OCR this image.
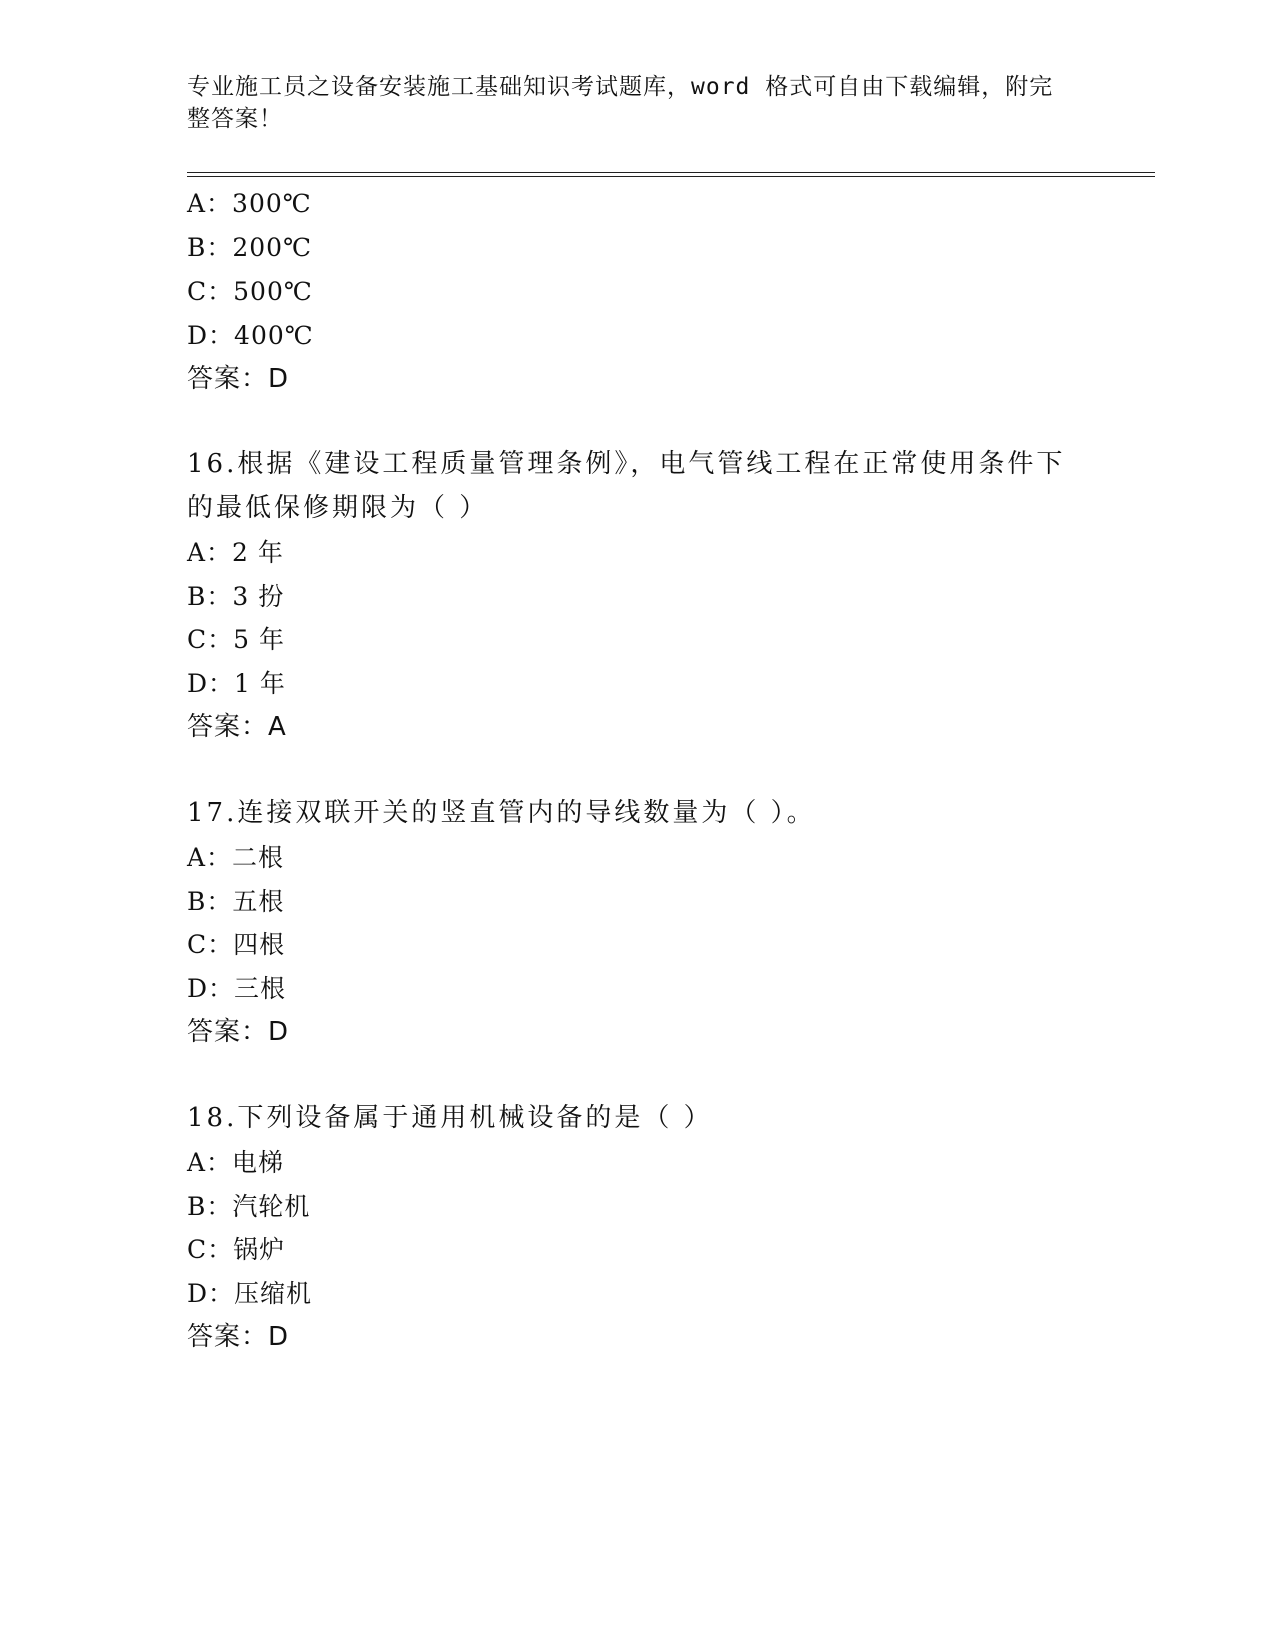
专业施工员之设备安装施工基础知识考试题库，word 格式可自由下载编辑，附完
整答案！
A：300℃
B：200℃
C：500℃
D：400℃
答案：D
16.根据《建设工程质量管理条例》，电气管线工程在正常使用条件下
的最低保修期限为（ ）
A：2 年
B：3 扮
C：5 年
D：1 年
答案：A
17.连接双联开关的竖直管内的导线数量为（ ）。
A：二根
B：五根
C：四根
D：三根
答案：D
18.下列设备属于通用机械设备的是（ ）
A：电梯
B：汽轮机
C：锅炉
D：压缩机
答案：D
